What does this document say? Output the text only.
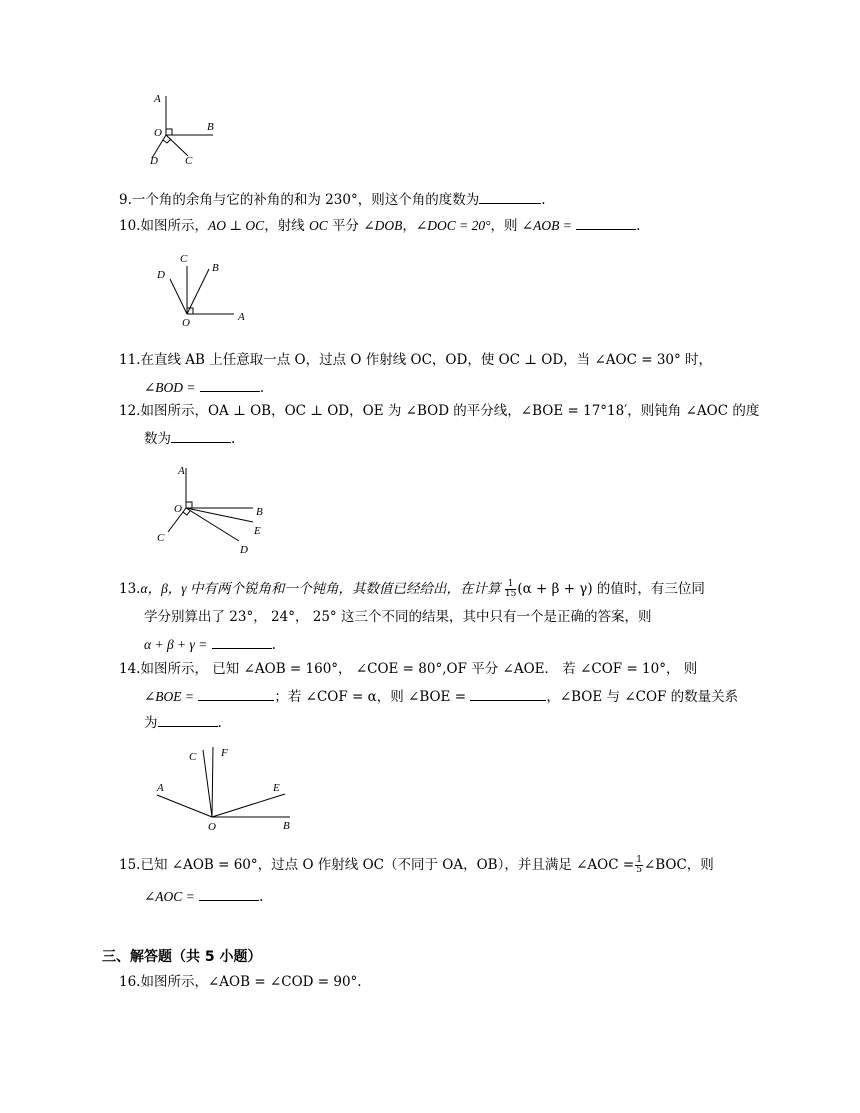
A
O	B
D C
9.一个角的余角与它的补角的和为 230°，则这个角的度数为	.
10.如图所示，AO ⊥ OC，射线 OC 平分 ∠DOB，∠DOC = 20°，则 ∠AOB =	.
C
B
D
O	A
11.在直线 AB 上任意取一点 O，过点 O 作射线 OC，OD，使 OC ⊥ OD，当 ∠AOC = 30° 时，
∠BOD =	.
12.如图所示，OA ⊥ OB，OC ⊥ OD，OE 为 ∠BOD 的平分线，∠BOE = 17°18′，则钝角 ∠AOC 的度
数为	.
A
O	B
E
C
D
13.α，β，γ 中有两个锐角和一个钝角，其数值已经给出，在计算 $\frac{1}{15} (\alpha + \beta + \gamma)$ 的值时，有三位同
学分别算出了 23°， 24°， 25° 这三个不同的结果，其中只有一个是正确的答案，则
α + β + γ =	.
14.如图所示， 已知 ∠AOB = 160°， ∠COE = 80°,OF 平分 ∠AOE． 若 ∠COF = 10°， 则
∠BOE =	；若 ∠COF = α，则 ∠BOE =	，∠BOE 与 ∠COF 的数量关系
为	.
C F
A	E
O	B
15.已知 ∠AOB = 60°，过点 O 作射线 OC（不同于 OA，OB），并且满足 ∠AOC = $\frac{1}{5}$ ∠BOC，则
∠AOC =	.
三、解答题（共 5 小题）
16.如图所示，∠AOB = ∠COD = 90°.
